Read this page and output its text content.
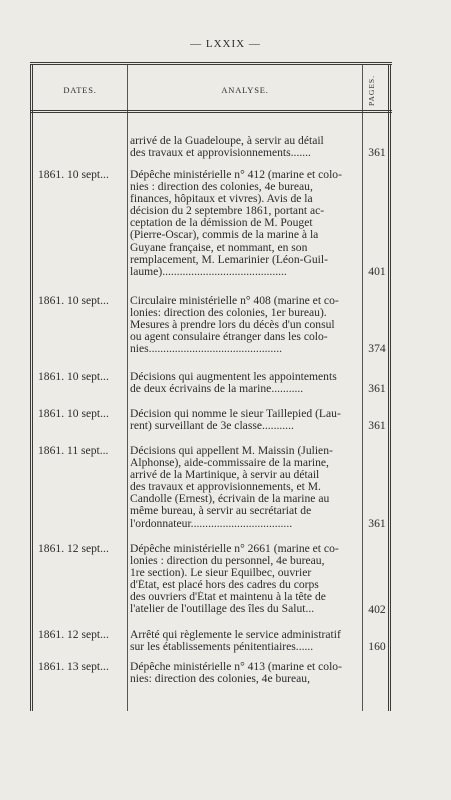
— LXXIX —
DATES.	ANALYSE.	PAGES.
arrivé de la Guadeloupe, à servir au détail
des travaux et approvisionnements.......	361
1861. 10 sept...	Dépêche ministérielle n° 412 (marine et colo-
nies : direction des colonies, 4e bureau,
finances, hôpitaux et vivres). Avis de la
décision du 2 septembre 1861, portant ac-
ceptation de la démission de M. Pouget
(Pierre-Oscar), commis de la marine à la
Guyane française, et nommant, en son
remplacement, M. Lemarinier (Léon-Guil-
laume)...........................................	401
1861. 10 sept...	Circulaire ministérielle n° 408 (marine et co-
lonies: direction des colonies, 1er bureau).
Mesures à prendre lors du décès d'un consul
ou agent consulaire étranger dans les colo-
nies..............................................	374
1861. 10 sept...	Décisions qui augmentent les appointements
de deux écrivains de la marine...........	361
1861. 10 sept...	Décision qui nomme le sieur Taillepied (Lau-
rent) surveillant de 3e classe...........	361
1861. 11 sept...	Décisions qui appellent M. Maissin (Julien-
Alphonse), aide-commissaire de la marine,
arrivé de la Martinique, à servir au détail
des travaux et approvisionnements, et M.
Candolle (Ernest), écrivain de la marine au
même bureau, à servir au secrétariat de
l'ordonnateur...................................	361
1861. 12 sept...	Dépêche ministérielle n° 2661 (marine et co-
lonies : direction du personnel, 4e bureau,
1re section). Le sieur Equilbec, ouvrier
d'État, est placé hors des cadres du corps
des ouvriers d'État et maintenu à la tête de
l'atelier de l'outillage des îles du Salut...	402
1861. 12 sept...	Arrêté qui règlemente le service administratif
sur les établissements pénitentiaires......	160
1861. 13 sept...	Dépêche ministérielle n° 413 (marine et colo-
nies: direction des colonies, 4e bureau,
